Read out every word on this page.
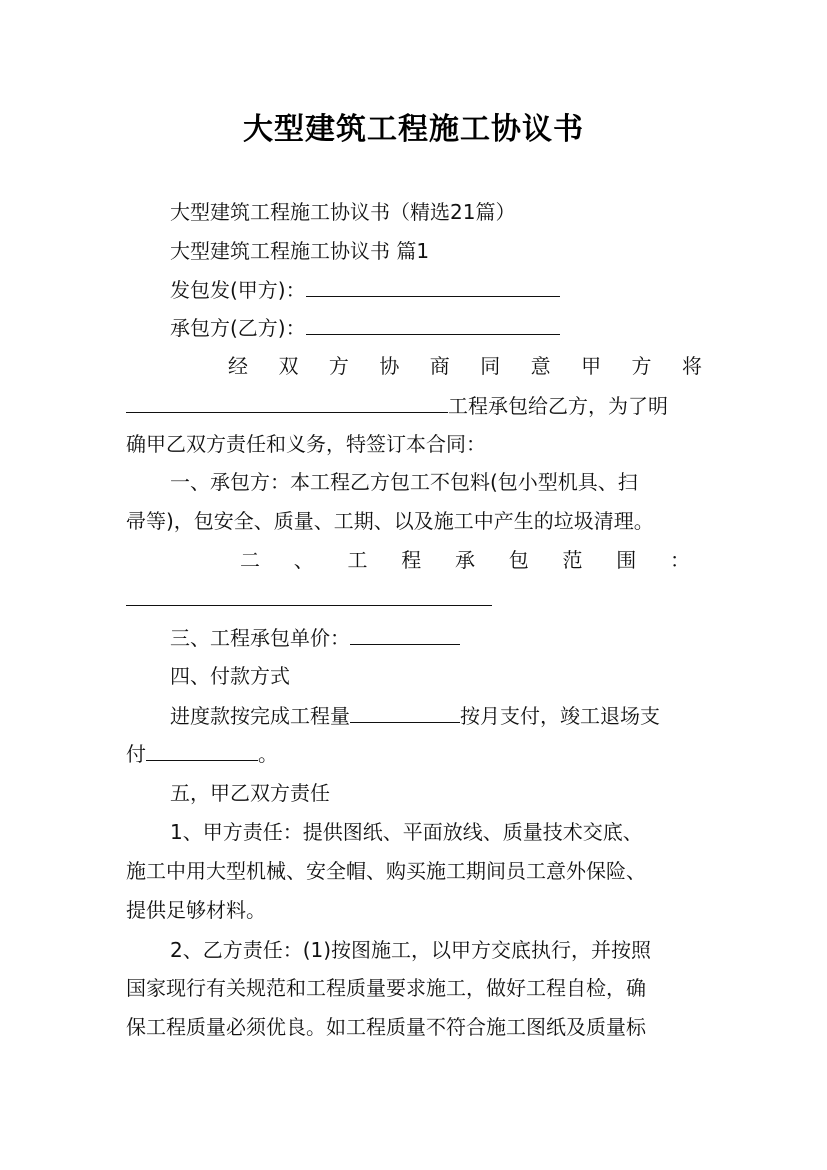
大型建筑工程施工协议书
大型建筑工程施工协议书（精选21篇）
大型建筑工程施工协议书 篇1
发包发(甲方)：
承包方(乙方)：
经 双 方 协 商 同 意 甲 方 将
工程承包给乙方，为了明
确甲乙双方责任和义务，特签订本合同：
一、承包方：本工程乙方包工不包料(包小型机具、扫
帚等)，包安全、质量、工期、以及施工中产生的垃圾清理。
二 、 工 程 承 包 范 围 ：
三、工程承包单价：
四、付款方式
进度款按完成工程量	按月支付，竣工退场支
付	。
五，甲乙双方责任
1、甲方责任：提供图纸、平面放线、质量技术交底、
施工中用大型机械、安全帽、购买施工期间员工意外保险、
提供足够材料。
2、乙方责任：(1)按图施工，以甲方交底执行，并按照
国家现行有关规范和工程质量要求施工，做好工程自检，确
保工程质量必须优良。如工程质量不符合施工图纸及质量标
